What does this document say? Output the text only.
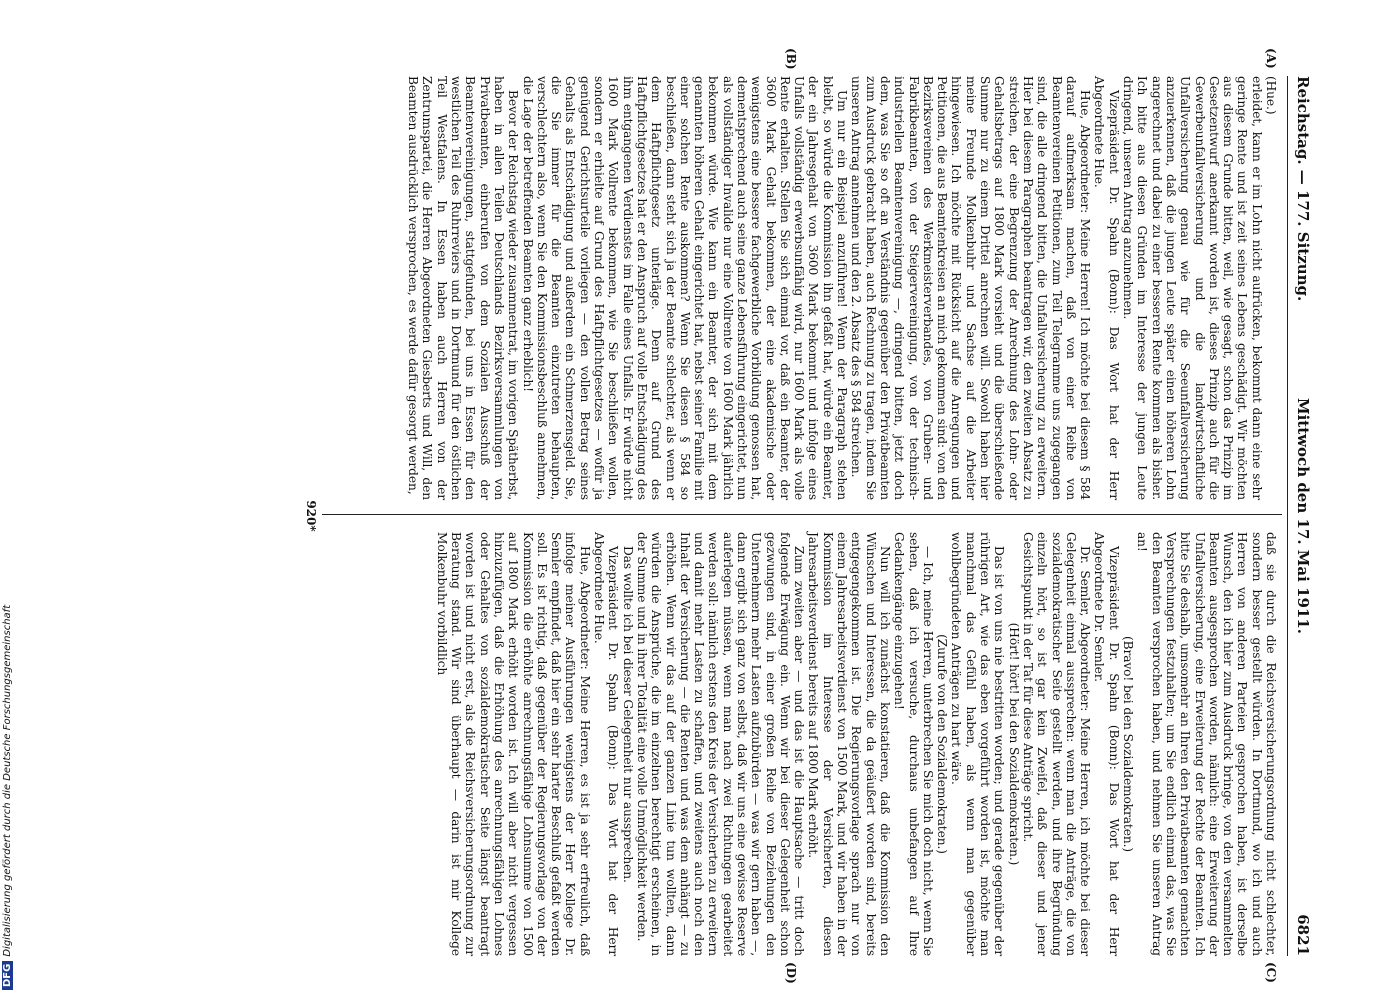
Reichstag. — 177. Sitzung.
Mittwoch den 17. Mai 1911.
6821
(A)
(B)
(C)
(D)

(Hue.)

erleidet, kann er im Lohn nicht aufrücken, bekommt dann eine sehr geringe Rente und ist zeit seines Lebens geschädigt. Wir möchten aus diesem Grunde bitten, weil, wie gesagt, schon das Prinzip im Gesetzentwurf anerkannt worden ist, dieses Prinzip auch für die Gewerbeunfallversicherung und die landwirtschaftliche Unfallversicherung genau wie für die Seeunfallversicherung anzuerkennen, daß die jungen Leute später einen höheren Lohn angerechnet und dabei zu einer besseren Rente kommen als bisher. Ich bitte aus diesen Gründen im Interesse der jungen Leute dringend, unseren Antrag anzunehmen.

Vizepräsident Dr. Spahn (Bonn): Das Wort hat der Herr Abgeordnete Hue.

Hue, Abgeordneter: Meine Herren! Ich möchte bei diesem § 584 darauf aufmerksam machen, daß von einer Reihe von Beamtenvereinen Petitionen, zum Teil Telegramme uns zugegangen sind, die alle dringend bitten, die Unfallversicherung zu erweitern. Hier bei diesem Paragraphen beantragen wir, den zweiten Absatz zu streichen, der eine Begrenzung der Anrechnung des Lohn- oder Gehaltsbetrags auf 1800 Mark vorsieht und die überschießende Summe nur zu einem Drittel anrechnen will. Sowohl haben hier meine Freunde Molkenbuhr und Sachse auf die Arbeiter hingewiesen. Ich möchte mit Rücksicht auf die Anregungen und Petitionen, die aus Beamtenkreisen an mich gekommen sind: von den Bezirksvereinen des Werkmeisterverbandes, von Gruben- und Fabrikbeamten, von der Steigervereinigung, von der technisch-industriellen Beamtenvereinigung —, dringend bitten, jetzt doch dem, was Sie so oft an Verständnis gegenüber den Privatbeamten zum Ausdruck gebracht haben, auch Rechnung zu tragen, indem Sie unseren Antrag annehmen und den 2. Absatz des § 584 streichen.

Um nur ein Beispiel anzuführen! Wenn der Paragraph stehen bleibt, so würde die Kommission ihn gefaßt hat, würde ein Beamter, der ein Jahresgehalt von 3600 Mark bekommt und infolge eines Unfalls vollständig erwerbsunfähig wird, nur 1600 Mark als volle Rente erhalten. Stellen Sie sich einmal vor, daß ein Beamter, der 3600 Mark Gehalt bekommen, der eine akademische oder wenigstens eine bessere fachgewerbliche Vorbildung genossen hat, dementsprechend auch seine ganze Lebensführung eingerichtet, nun als vollständiger Invalide nur eine Vollrente von 1600 Mark jährlich bekommen würde. Wie kann ein Beamter, der sich mit dem genannten höheren Gehalt eingerichtet hat, nebst seiner Familie mit einer solchen Rente auskommen? Wenn Sie diesen § 584 so beschließen, dann steht sich ja der Beamte schlechter, als wenn er dem Haftpflichtgesetz unterläge. Denn auf Grund des Haftpflichtgesetzes hat er den Anspruch auf volle Entschädigung des ihm entgangenen Verdienstes im Falle eines Unfalls. Er würde nicht 1600 Mark Vollrente bekommen, wie Sie beschließen wollen, sondern er erhielte auf Grund des Haftpflichtgesetzes — wofür ja genügend Gerichtsurteile vorliegen — den vollen Betrag seines Gehalts als Entschädigung und außerdem ein Schmerzensgeld. Sie, die Sie immer für die Beamten einzutreten behaupten, verschlechtern also, wenn Sie den Kommissionsbeschluß annehmen, die Lage der betreffenden Beamten ganz erheblich!

Bevor der Reichstag wieder zusammentrat, im vorigen Spätherbst, haben in allen Teilen Deutschlands Bezirksversammlungen von Privatbeamten, einberufen von dem Sozialen Ausschuß der Beamtenvereinigungen, stattgefunden, bei uns in Essen für den westlichen Teil des Ruhrreviers und in Dortmund für den östlichen Teil Westfalens. In Essen haben auch Herren von der Zentrumspartei, die Herren Abgeordneten Giesberts und Will, den Beamten ausdrücklich versprochen, es werde dafür gesorgt werden,

daß sie durch die Reichsversicherungsordnung nicht schlechter, sondern besser gestellt würden. In Dortmund, wo ich und auch Herren von anderen Parteien gesprochen haben, ist derselbe Wunsch, den ich hier zum Ausdruck bringe, von den versammelten Beamten ausgesprochen worden, nämlich: eine Erweiterung der Unfallversicherung, eine Erweiterung der Rechte der Beamten. Ich bitte Sie deshalb, umsomehr an Ihren den Privatbeamten gemachten Versprechungen festzuhalten; um Sie endlich einmal das, was Sie den Beamten versprochen haben, und nehmen Sie unseren Antrag an!

(Bravo! bei den Sozialdemokraten.)

Vizepräsident Dr. Spahn (Bonn): Das Wort hat der Herr Abgeordnete Dr. Semler.

Dr. Semler, Abgeordneter: Meine Herren, ich möchte bei dieser Gelegenheit einmal aussprechen: wenn man die Anträge, die von sozialdemokratischer Seite gestellt werden, und ihre Begründung einzeln hört, so ist gar kein Zweifel, daß dieser und jener Gesichtspunkt in der Tat für diese Anträge spricht.

(Hört! hört! bei den Sozialdemokraten.)

Das ist von uns nie bestritten worden; und gerade gegenüber der rührigen Art, wie das eben vorgeführt worden ist, möchte man manchmal das Gefühl haben, als wenn man gegenüber wohlbegründeten Anträgen zu hart wäre.

(Zurufe von den Sozialdemokraten.)

— Ich, meine Herren, unterbrechen Sie mich doch nicht, wenn Sie sehen, daß ich versuche, durchaus unbefangen auf Ihre Gedankengänge einzugehen!

Nun will ich zunächst konstatieren, daß die Kommission den Wünschen und Interessen, die da geäußert worden sind, bereits entgegengekommen ist. Die Regierungsvorlage sprach nur von einem Jahresarbeitsverdienst von 1500 Mark, und wir haben in der Kommission im Interesse der Versicherten, diesen Jahresarbeitsverdienst bereits auf 1800 Mark erhöht.

Zum zweiten aber — und das ist die Hauptsache — tritt doch folgende Erwägung ein. Wenn wir bei dieser Gelegenheit schon gezwungen sind, in einer großen Reihe von Beziehungen den Unternehmern mehr Lasten aufzubürden — was wir gern haben —, dann ergibt sich ganz von selbst, daß wir uns eine gewisse Reserve auferlegen müssen, wenn man nach zwei Richtungen gearbeitet werden soll: nämlich erstens den Kreis der Versicherten zu erweitern und damit mehr Lasten zu schaffen, und zweitens auch noch den Inhalt der Versicherung — die Renten und was dem anhängt — zu erhöhen. Wenn wir das auf der ganzen Linie tun wollten, dann würden die Ansprüche, die im einzelnen berechtigt erscheinen, in der Summe und in ihrer Totalität eine volle Unmöglichkeit werden.

Das wollte ich bei dieser Gelegenheit nur aussprechen.

Vizepräsident Dr. Spahn (Bonn): Das Wort hat der Herr Abgeordnete Hue.

Hue, Abgeordneter: Meine Herren, es ist ja sehr erfreulich, daß infolge meiner Ausführungen wenigstens der Herr Kollege Dr. Semler empfindet, daß hier ein sehr harter Beschluß gefaßt werden soll. Es ist richtig, daß gegenüber der Regierungsvorlage von der Kommission die erhöhte anrechnungsfähige Lohnsumme von 1500 auf 1800 Mark erhöht worden ist. Ich will aber nicht vergessen hinzuzufügen, daß die Erhöhung des anrechnungsfähigen Lohnes oder Gehaltes von sozialdemokratischer Seite längst beantragt worden ist und nicht erst, als die Reichsversicherungsordnung zur Beratung stand. Wir sind überhaupt — darin ist mir Kollege Molkenbuhr vorbildlich

920*
DFGDigitalisierung gefördert durch die Deutsche Forschungsgemeinschaft
